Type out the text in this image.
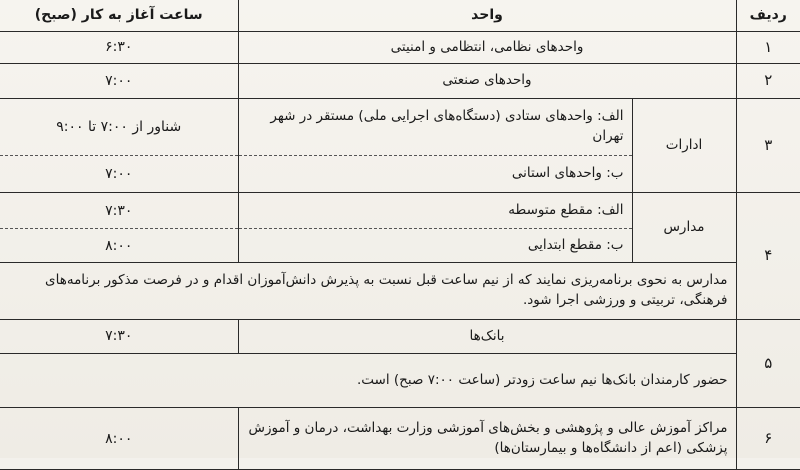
ردیف	واحد		ساعت آغاز به کار (صبح)
۱	واحدهای نظامی، انتظامی و امنیتی		۶:۳۰
۲	واحدهای صنعتی		۷:۰۰
۳	ادارات	الف: واحدهای ستادی (دستگاه‌های اجرایی ملی) مستقر در شهر تهران	شناور از ۷:۰۰ تا ۹:۰۰
		ب: واحدهای استانی	۷:۰۰
۴	مدارس	الف: مقطع متوسطه	۷:۳۰
		ب: مقطع ابتدایی	۸:۰۰
	مدارس به نحوی برنامه‌ریزی نمایند که از نیم ساعت قبل نسبت به پذیرش دانش‌آموزان اقدام و در فرصت مذکور برنامه‌های فرهنگی، تربیتی و ورزشی اجرا شود.		
۵	بانک‌ها		۷:۳۰
	حضور کارمندان بانک‌ها نیم ساعت زودتر (ساعت ۷:۰۰ صبح) است.		
۶	مراکز آموزش عالی و پژوهشی و بخش‌های آموزشی وزارت بهداشت، درمان و آموزش پزشکی (اعم از دانشگاه‌ها و بیمارستان‌ها)		۸:۰۰
